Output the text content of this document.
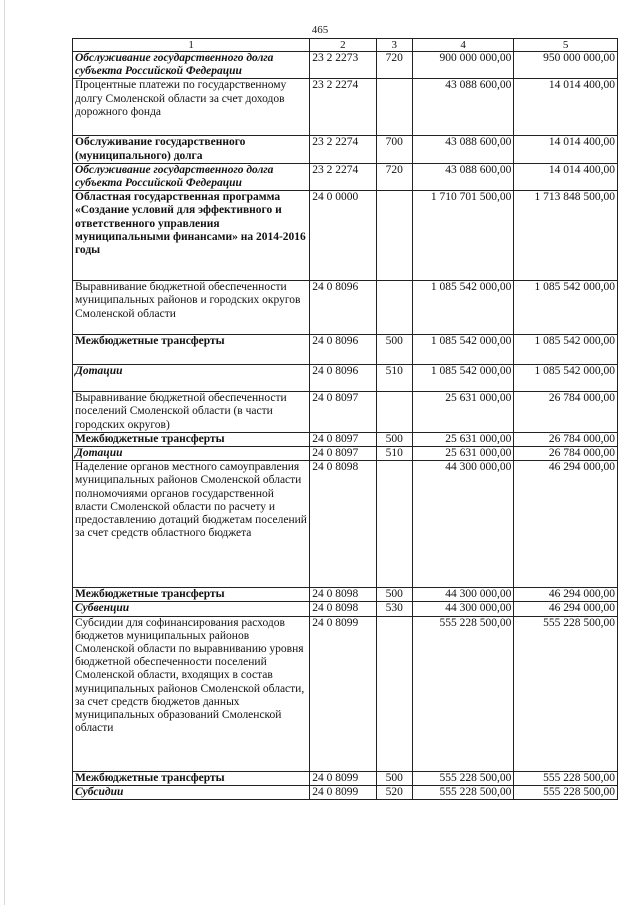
465
1	2	3	4	5
Обслуживание государственного долга субъекта Российской Федерации	23 2 2273	720	900 000 000,00	950 000 000,00
Процентные платежи по государственному долгу Смоленской области за счет доходов дорожного фонда	23 2 2274		43 088 600,00	14 014 400,00
Обслуживание государственного (муниципального) долга	23 2 2274	700	43 088 600,00	14 014 400,00
Обслуживание государственного долга субъекта Российской Федерации	23 2 2274	720	43 088 600,00	14 014 400,00
Областная государственная программа «Создание условий для эффективного и ответственного управления муниципальными финансами» на 2014-2016 годы	24 0 0000		1 710 701 500,00	1 713 848 500,00
Выравнивание бюджетной обеспеченности муниципальных районов и городских округов Смоленской области	24 0 8096		1 085 542 000,00	1 085 542 000,00
Межбюджетные трансферты	24 0 8096	500	1 085 542 000,00	1 085 542 000,00
Дотации	24 0 8096	510	1 085 542 000,00	1 085 542 000,00
Выравнивание бюджетной обеспеченности поселений Смоленской области (в части городских округов)	24 0 8097		25 631 000,00	26 784 000,00
Межбюджетные трансферты	24 0 8097	500	25 631 000,00	26 784 000,00
Дотации	24 0 8097	510	25 631 000,00	26 784 000,00
Наделение органов местного самоуправления муниципальных районов Смоленской области полномочиями органов государственной власти Смоленской области по расчету и предоставлению дотаций бюджетам поселений за счет средств областного бюджета	24 0 8098		44 300 000,00	46 294 000,00
Межбюджетные трансферты	24 0 8098	500	44 300 000,00	46 294 000,00
Субвенции	24 0 8098	530	44 300 000,00	46 294 000,00
Субсидии для софинансирования расходов бюджетов муниципальных районов Смоленской области по выравниванию уровня бюджетной обеспеченности поселений Смоленской области, входящих в состав муниципальных районов Смоленской области, за счет средств бюджетов данных муниципальных образований Смоленской области	24 0 8099		555 228 500,00	555 228 500,00
Межбюджетные трансферты	24 0 8099	500	555 228 500,00	555 228 500,00
Субсидии	24 0 8099	520	555 228 500,00	555 228 500,00
